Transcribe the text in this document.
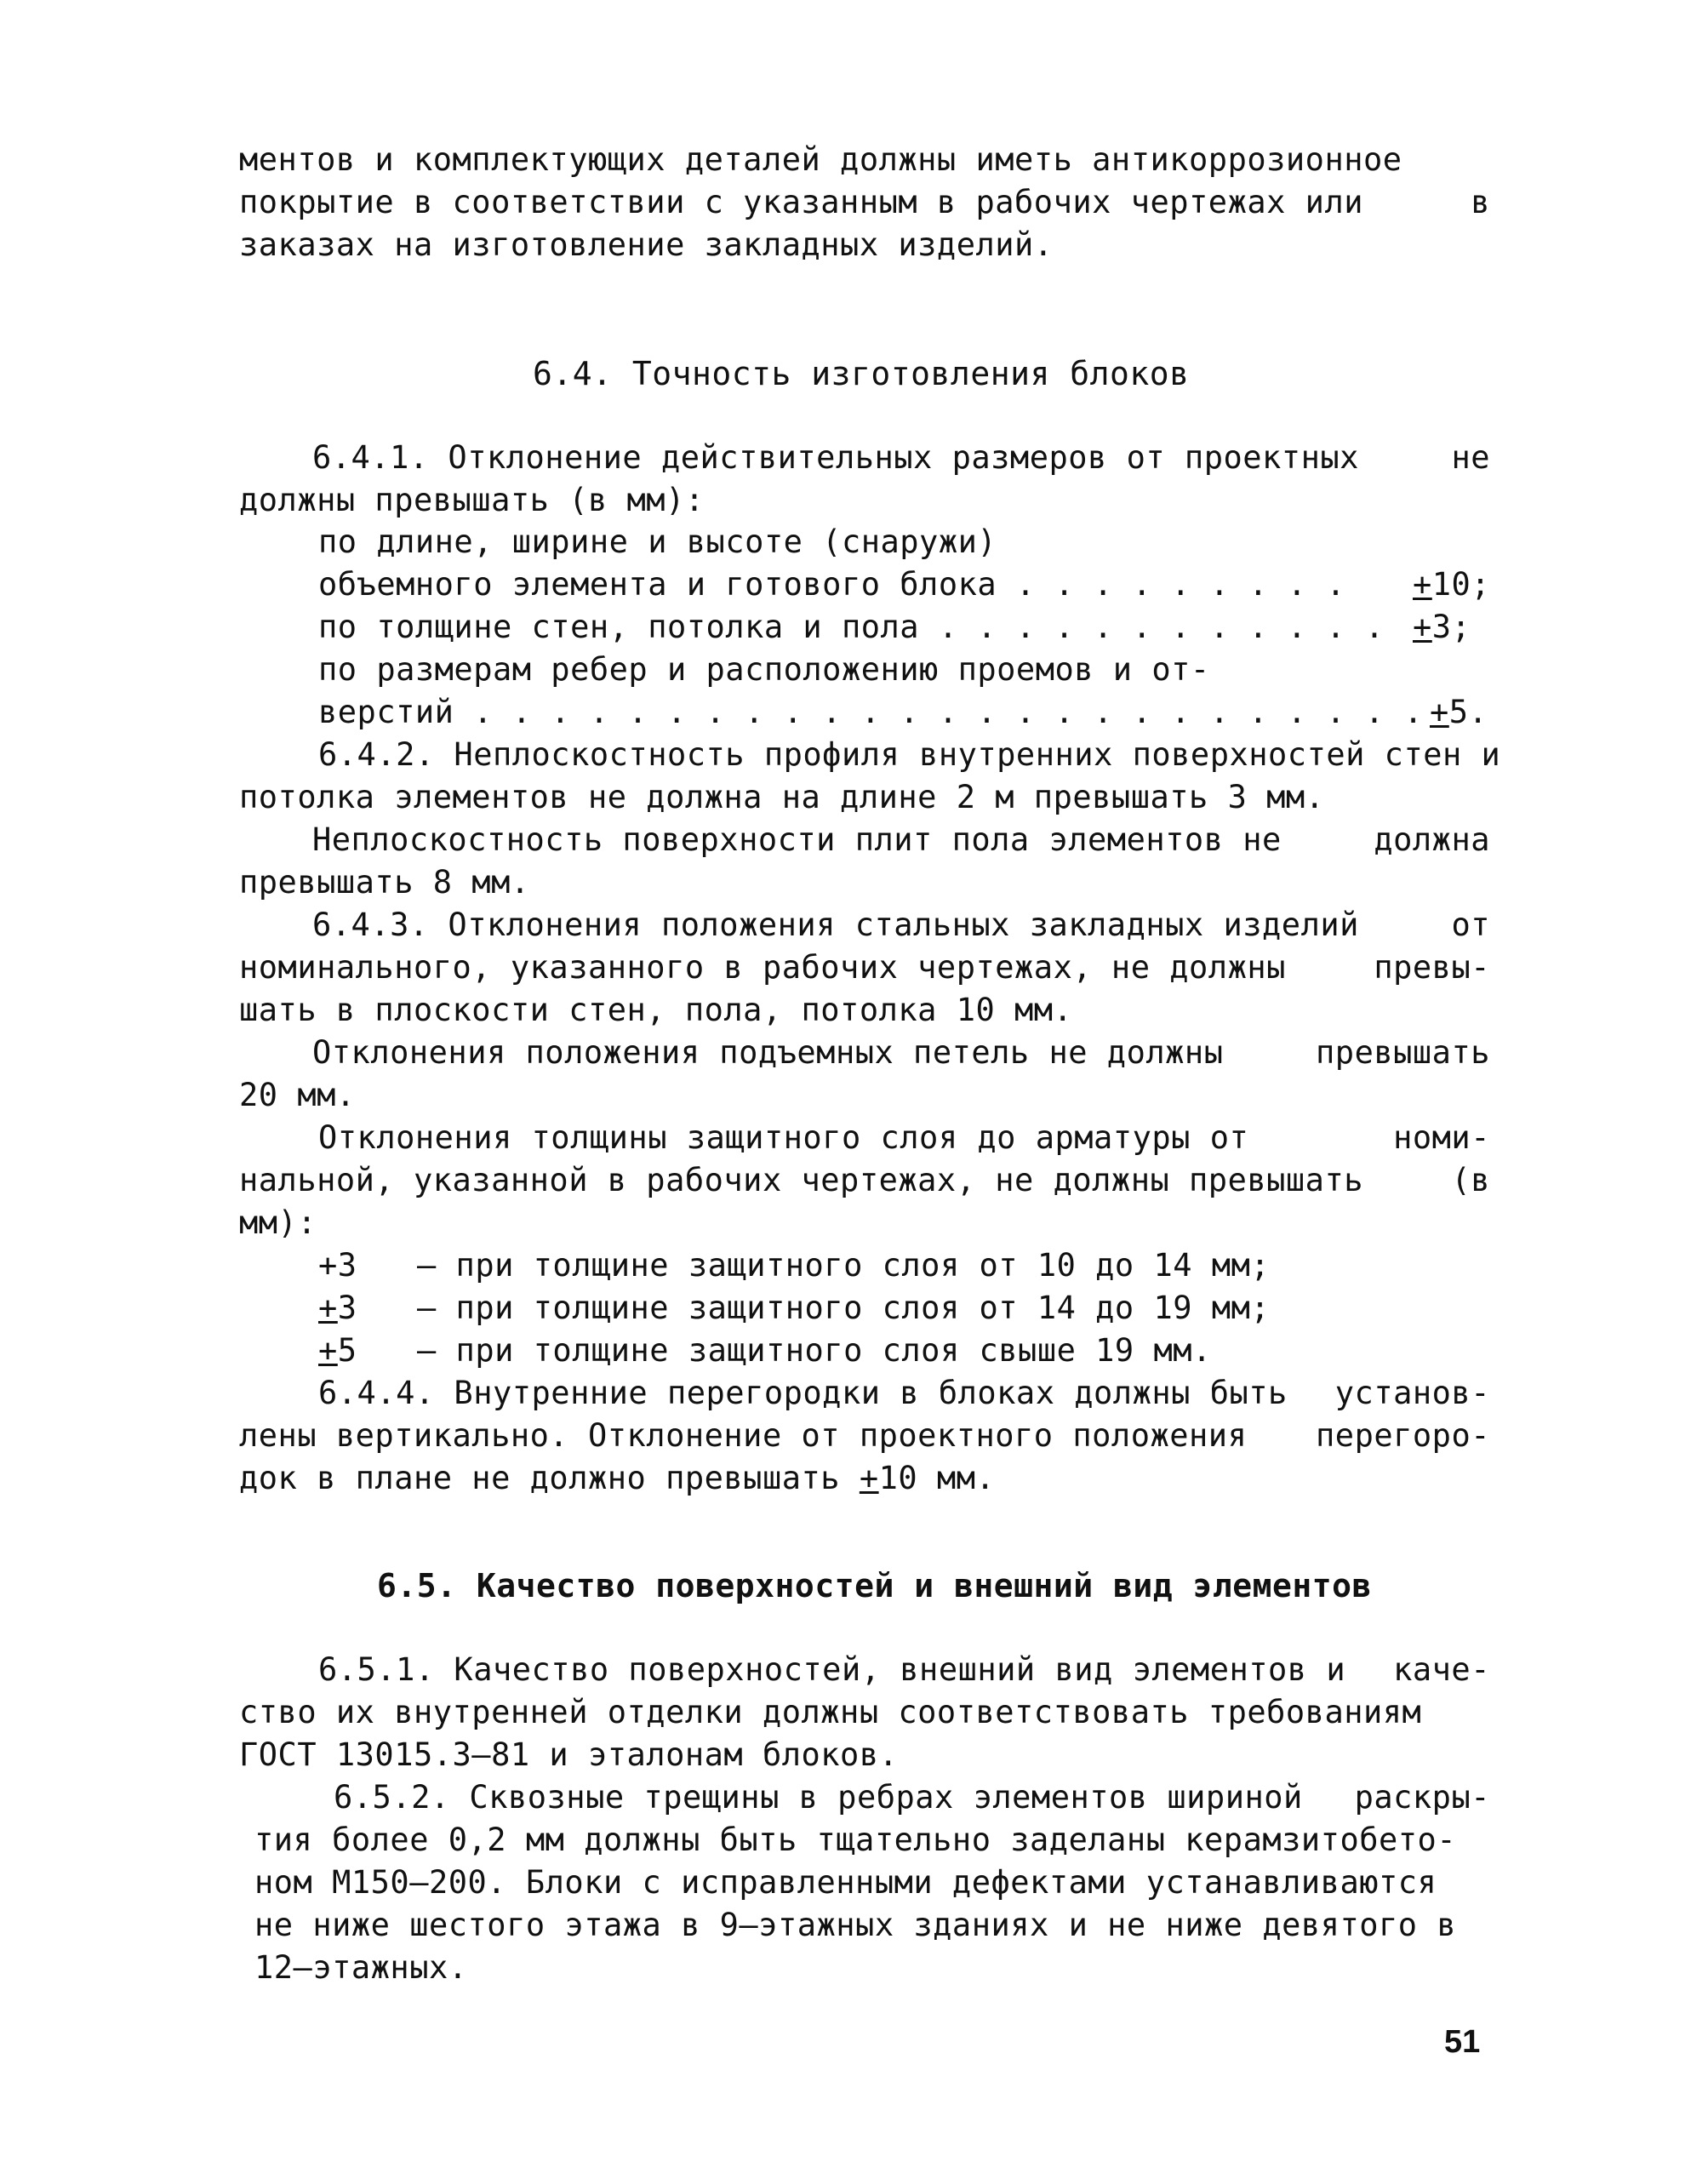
ментов и комплектующих деталей должны иметь антикоррозионное
покрытие в соответствии с указанным в рабочих чертежах или	в
заказах на изготовление закладных изделий.
6.4. Точность изготовления блоков
6.4.1. Отклонение действительных размеров от проектных	не
должны превышать (в мм):
по длине, ширине и высоте (снаружи)
объемного элемента и готового блока . . . . . . . . . +10;
по толщине стен, потолка и пола . . . . . . . . . . . . +3;
по размерам ребер и расположению проемов и от-
верстий . . . . . . . . . . . . . . . . . . . . . . . . . +5.
6.4.2. Неплоскостность профиля внутренних поверхностей стен и
потолка элементов не должна на длине 2 м превышать 3 мм.
Неплоскостность поверхности плит пола элементов не	должна
превышать 8 мм.
6.4.3. Отклонения положения стальных закладных изделий	от
номинального, указанного в рабочих чертежах, не должны	превы-
шать в плоскости стен, пола, потолка 10 мм.
Отклонения положения подъемных петель не должны	превышать
20 мм.
Отклонения толщины защитного слоя до арматуры от	номи-
нальной, указанной в рабочих чертежах, не должны превышать	(в
мм):
+3 – при толщине защитного слоя от 10 до 14 мм;
+3 – при толщине защитного слоя от 14 до 19 мм;
+5 – при толщине защитного слоя свыше 19 мм.
6.4.4. Внутренние перегородки в блоках должны быть установ-
лены вертикально. Отклонение от проектного положения перегоро-
док в плане не должно превышать +10 мм.
6.5. Качество поверхностей и внешний вид элементов
6.5.1. Качество поверхностей, внешний вид элементов и каче-
ство их внутренней отделки должны соответствовать требованиям
ГОСТ 13015.3–81 и эталонам блоков.
6.5.2. Сквозные трещины в ребрах элементов шириной раскры-
тия более 0,2 мм должны быть тщательно заделаны керамзитобето-
ном М150–200. Блоки с исправленными дефектами устанавливаются
не ниже шестого этажа в 9–этажных зданиях и не ниже девятого в
12–этажных.
51
